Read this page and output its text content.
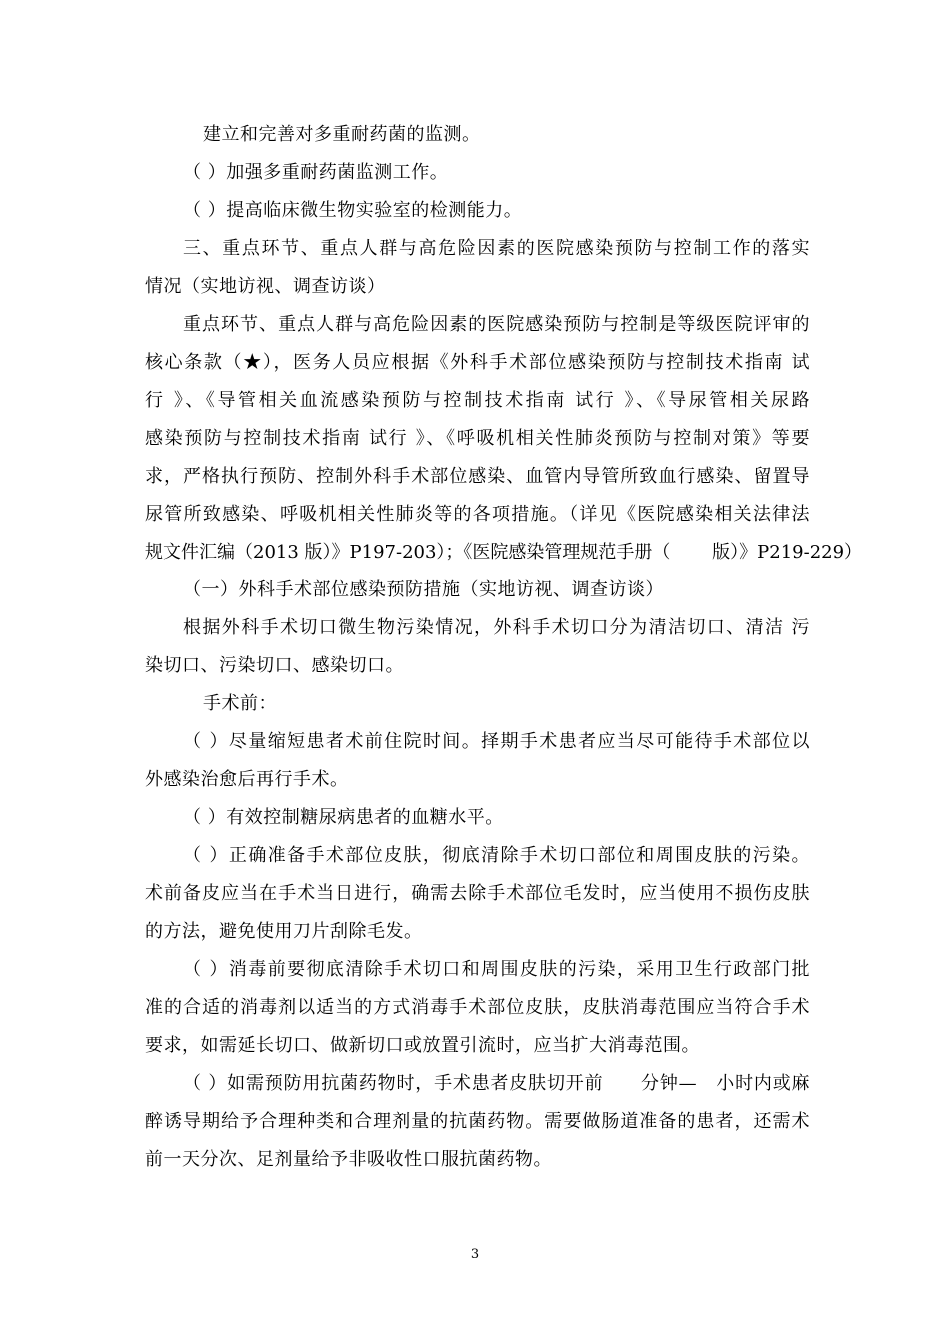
建立和完善对多重耐药菌的监测。
（ ）加强多重耐药菌监测工作。
（ ）提高临床微生物实验室的检测能力。
三、重点环节、重点人群与高危险因素的医院感染预防与控制工作的落实
情况（实地访视、调查访谈）
重点环节、重点人群与高危险因素的医院感染预防与控制是等级医院评审的
核心条款（★），医务人员应根据《外科手术部位感染预防与控制技术指南 试
行 》、《导管相关血流感染预防与控制技术指南 试行 》、《导尿管相关尿路
感染预防与控制技术指南 试行 》、《呼吸机相关性肺炎预防与控制对策》等要
求，严格执行预防、控制外科手术部位感染、血管内导管所致血行感染、留置导
尿管所致感染、呼吸机相关性肺炎等的各项措施。（详见《医院感染相关法律法
规文件汇编（2013 版）》P197-203）；《医院感染管理规范手册（　　 版）》P219-229）
（一）外科手术部位感染预防措施（实地访视、调查访谈）
根据外科手术切口微生物污染情况，外科手术切口分为清洁切口、清洁 污
染切口、污染切口、感染切口。
手术前：
（ ）尽量缩短患者术前住院时间。择期手术患者应当尽可能待手术部位以
外感染治愈后再行手术。
（ ）有效控制糖尿病患者的血糖水平。
（ ）正确准备手术部位皮肤，彻底清除手术切口部位和周围皮肤的污染。
术前备皮应当在手术当日进行，确需去除手术部位毛发时，应当使用不损伤皮肤
的方法，避免使用刀片刮除毛发。
（ ）消毒前要彻底清除手术切口和周围皮肤的污染，采用卫生行政部门批
准的合适的消毒剂以适当的方式消毒手术部位皮肤，皮肤消毒范围应当符合手术
要求，如需延长切口、做新切口或放置引流时，应当扩大消毒范围。
（ ）如需预防用抗菌药物时，手术患者皮肤切开前　　分钟—　小时内或麻
醉诱导期给予合理种类和合理剂量的抗菌药物。需要做肠道准备的患者，还需术
前一天分次、足剂量给予非吸收性口服抗菌药物。
3
